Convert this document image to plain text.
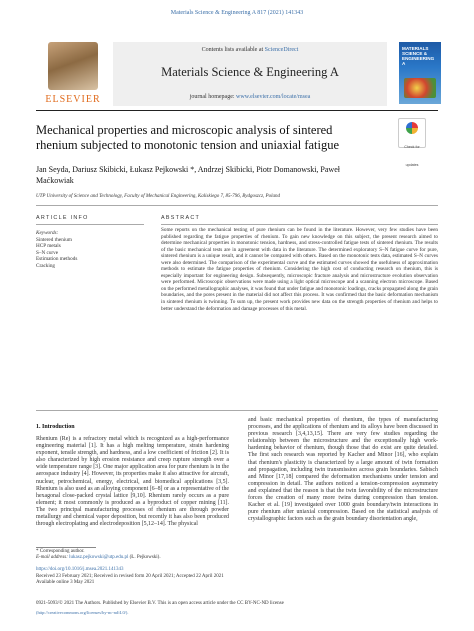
Materials Science & Engineering A 817 (2021) 141343
ELSEVIER
Contents lists available at ScienceDirect
Materials Science & Engineering A
journal homepage: www.elsevier.com/locate/msea
MATERIALS SCIENCE & ENGINEERING A
Mechanical properties and microscopic analysis of sintered rhenium subjected to monotonic tension and uniaxial fatigue	Check for updates
Jan Seyda, Dariusz Skibicki, Łukasz Pejkowski *, Andrzej Skibicki, Piotr Domanowski, Paweł Maćkowiak
UTP University of Science and Technology, Faculty of Mechanical Engineering, Kaliskiego 7, 85-796, Bydgoszcz, Poland
ARTICLE INFO	ABSTRACT
Keywords:
Sintered rhenium
HCP metals
S–N curve
Estimation methods
Cracking
Some reports on the mechanical testing of pure rhenium can be found in the literature. However, very few studies have been published regarding the fatigue properties of rhenium. To gain new knowledge on this subject, the present research aimed to determine mechanical properties in monotonic tension, hardness, and stress-controlled fatigue tests of sintered rhenium. The results of the basic mechanical tests are in agreement with data in the literature. The determined exploratory S–N fatigue curve for pure, sintered rhenium is a unique result, and it cannot be compared with others. Based on the monotonic tests data, estimated S–N curves were also determined. The comparison of the experimental curve and the estimated curves showed the usefulness of approximation methods to estimate the fatigue properties of rhenium. Considering the high cost of conducting research on rhenium, this is especially important for engineering design. Subsequently, microscopic fracture analysis and microstructure evolution observation were performed. Microscopic observations were made using a light optical microscope and a scanning electron microscope. Based on the performed metallographic analyses, it was found that under fatigue and monotonic loadings, cracks propagated along the grain boundaries, and the pores present in the material did not affect this process. It was confirmed that the basic deformation mechanism in sintered rhenium is twinning. To sum up, the present work provides new data on the strength properties of rhenium and helps to better understand the deformation and damage processes of this metal.
1. Introduction
Rhenium (Re) is a refractory metal which is recognized as a high-performance engineering material [1]. It has a high melting temperature, strain hardening exponent, tensile strength, and hardness, and a low coefficient of friction [2]. It is also characterized by high erosion resistance and creep rupture strength over a wide temperature range [3]. One major application area for pure rhenium is in the aerospace industry [4]. However, its properties make it also attractive for aircraft, nuclear, petrochemical, energy, electrical, and biomedical applications [3,5]. Rhenium is also used as an alloying component [6–8] or as a representative of the hexagonal close-packed crystal lattice [9,10]. Rhenium rarely occurs as a pure element; it most commonly is produced as a byproduct of copper mining [11]. The two principal manufacturing processes of rhenium are through powder metallurgy and chemical vapor deposition, but recently it has also been produced through electroplating and electrodeposition [5,12–14]. The physical
and basic mechanical properties of rhenium, the types of manufacturing processes, and the applications of rhenium and its alloys have been discussed in previous research [3,4,13,15]. There are very few studies regarding the relationship between the microstructure and the exceptionally high work-hardening behavior of rhenium, though those that do exist are quite detailed. The first such research was reported by Kacher and Minor [16], who explain that rhenium's plasticity is characterized by a large amount of twin formation and propagation, including twin transmission across grain boundaries. Sabisch and Minor [17,18] compared the deformation mechanisms under tension and compression in detail. The authors noticed a tension-compression asymmetry and explained that the reason is that the twin favorability of the microstructure forces the creation of many more twins during compression than tension. Kacher et al. [19] investigated over 1000 grain boundary/twin interactions in pure rhenium after uniaxial compression. Based on the statistical analysis of crystallographic factors such as the grain boundary disorientation angle,
* Corresponding author.
E-mail address: lukasz.pejkowski@utp.edu.pl (Ł. Pejkowski).
https://doi.org/10.1016/j.msea.2021.141343
Received 23 February 2021; Received in revised form 20 April 2021; Accepted 22 April 2021
Available online 3 May 2021
0921-5093/© 2021 The Authors. Published by Elsevier B.V. This is an open access article under the CC BY-NC-ND license
(http://creativecommons.org/licenses/by-nc-nd/4.0/).
